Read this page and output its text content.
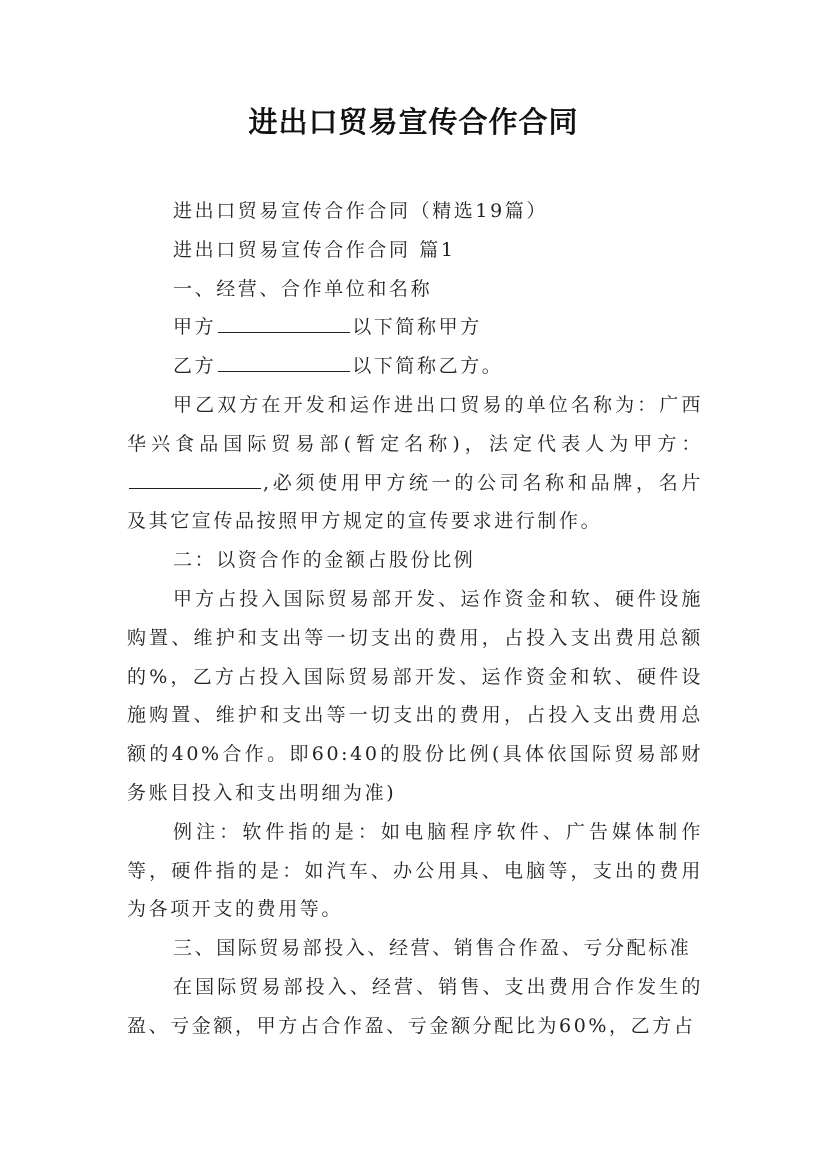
进出口贸易宣传合作合同

进出口贸易宣传合作合同（精选19篇）

进出口贸易宣传合作合同 篇1

一、经营、合作单位和名称

甲方	以下简称甲方

乙方	以下简称乙方。

甲乙双方在开发和运作进出口贸易的单位名称为：广西华兴食品国际贸易部(暂定名称)，法定代表人为甲方：,必须使用甲方统一的公司名称和品牌，名片及其它宣传品按照甲方规定的宣传要求进行制作。

二：以资合作的金额占股份比例

甲方占投入国际贸易部开发、运作资金和软、硬件设施购置、维护和支出等一切支出的费用，占投入支出费用总额的%，乙方占投入国际贸易部开发、运作资金和软、硬件设施购置、维护和支出等一切支出的费用，占投入支出费用总额的40%合作。即60:40的股份比例(具体依国际贸易部财务账目投入和支出明细为准)

例注：软件指的是：如电脑程序软件、广告媒体制作等，硬件指的是：如汽车、办公用具、电脑等，支出的费用为各项开支的费用等。

三、国际贸易部投入、经营、销售合作盈、亏分配标准

在国际贸易部投入、经营、销售、支出费用合作发生的盈、亏金额，甲方占合作盈、亏金额分配比为60%，乙方占
